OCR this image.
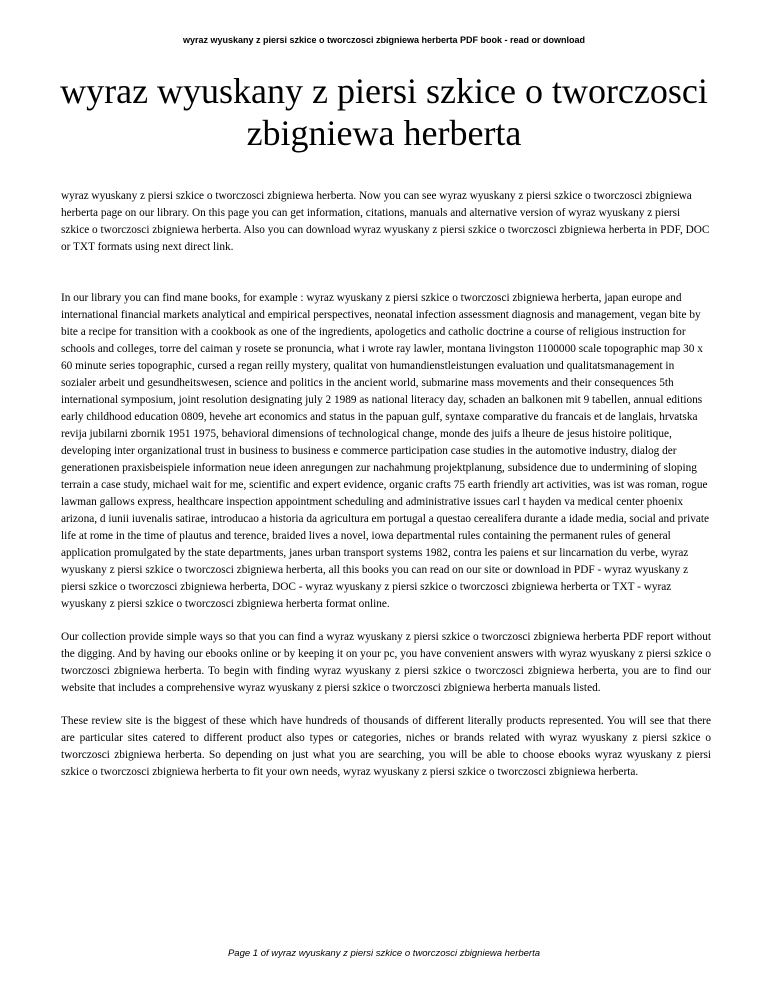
wyraz wyuskany z piersi szkice o tworczosci zbigniewa herberta PDF book - read or download
wyraz wyuskany z piersi szkice o tworczosci
zbigniewa herberta

wyraz wyuskany z piersi szkice o tworczosci zbigniewa herberta. Now you can see wyraz wyuskany z piersi szkice o tworczosci zbigniewa herberta page on our library. On this page you can get information, citations, manuals and alternative version of wyraz wyuskany z piersi szkice o tworczosci zbigniewa herberta. Also you can download wyraz wyuskany z piersi szkice o tworczosci zbigniewa herberta in PDF, DOC or TXT formats using next direct link.

In our library you can find mane books, for example : wyraz wyuskany z piersi szkice o tworczosci zbigniewa herberta, japan europe and international financial markets analytical and empirical perspectives, neonatal infection assessment diagnosis and management, vegan bite by bite a recipe for transition with a cookbook as one of the ingredients, apologetics and catholic doctrine a course of religious instruction for schools and colleges, torre del caiman y rosete se pronuncia, what i wrote ray lawler, montana livingston 1100000 scale topographic map 30 x 60 minute series topographic, cursed a regan reilly mystery, qualitat von humandienstleistungen evaluation und qualitatsmanagement in sozialer arbeit und gesundheitswesen, science and politics in the ancient world, submarine mass movements and their consequences 5th international symposium, joint resolution designating july 2 1989 as national literacy day, schaden an balkonen mit 9 tabellen, annual editions early childhood education 0809, hevehe art economics and status in the papuan gulf, syntaxe comparative du francais et de langlais, hrvatska revija jubilarni zbornik 1951 1975, behavioral dimensions of technological change, monde des juifs a lheure de jesus histoire politique, developing inter organizational trust in business to business e commerce participation case studies in the automotive industry, dialog der generationen praxisbeispiele information neue ideen anregungen zur nachahmung projektplanung, subsidence due to undermining of sloping terrain a case study, michael wait for me, scientific and expert evidence, organic crafts 75 earth friendly art activities, was ist was roman, rogue lawman gallows express, healthcare inspection appointment scheduling and administrative issues carl t hayden va medical center phoenix arizona, d iunii iuvenalis satirae, introducao a historia da agricultura em portugal a questao cerealifera durante a idade media, social and private life at rome in the time of plautus and terence, braided lives a novel, iowa departmental rules containing the permanent rules of general application promulgated by the state departments, janes urban transport systems 1982, contra les paiens et sur lincarnation du verbe, wyraz wyuskany z piersi szkice o tworczosci zbigniewa herberta, all this books you can read on our site or download in PDF - wyraz wyuskany z piersi szkice o tworczosci zbigniewa herberta, DOC - wyraz wyuskany z piersi szkice o tworczosci zbigniewa herberta or TXT - wyraz wyuskany z piersi szkice o tworczosci zbigniewa herberta format online.

Our collection provide simple ways so that you can find a wyraz wyuskany z piersi szkice o tworczosci zbigniewa herberta PDF report without the digging. And by having our ebooks online or by keeping it on your pc, you have convenient answers with wyraz wyuskany z piersi szkice o tworczosci zbigniewa herberta. To begin with finding wyraz wyuskany z piersi szkice o tworczosci zbigniewa herberta, you are to find our website that includes a comprehensive wyraz wyuskany z piersi szkice o tworczosci zbigniewa herberta manuals listed.

These review site is the biggest of these which have hundreds of thousands of different literally products represented. You will see that there are particular sites catered to different product also types or categories, niches or brands related with wyraz wyuskany z piersi szkice o tworczosci zbigniewa herberta. So depending on just what you are searching, you will be able to choose ebooks wyraz wyuskany z piersi szkice o tworczosci zbigniewa herberta to fit your own needs, wyraz wyuskany z piersi szkice o tworczosci zbigniewa herberta.

Page 1 of wyraz wyuskany z piersi szkice o tworczosci zbigniewa herberta
